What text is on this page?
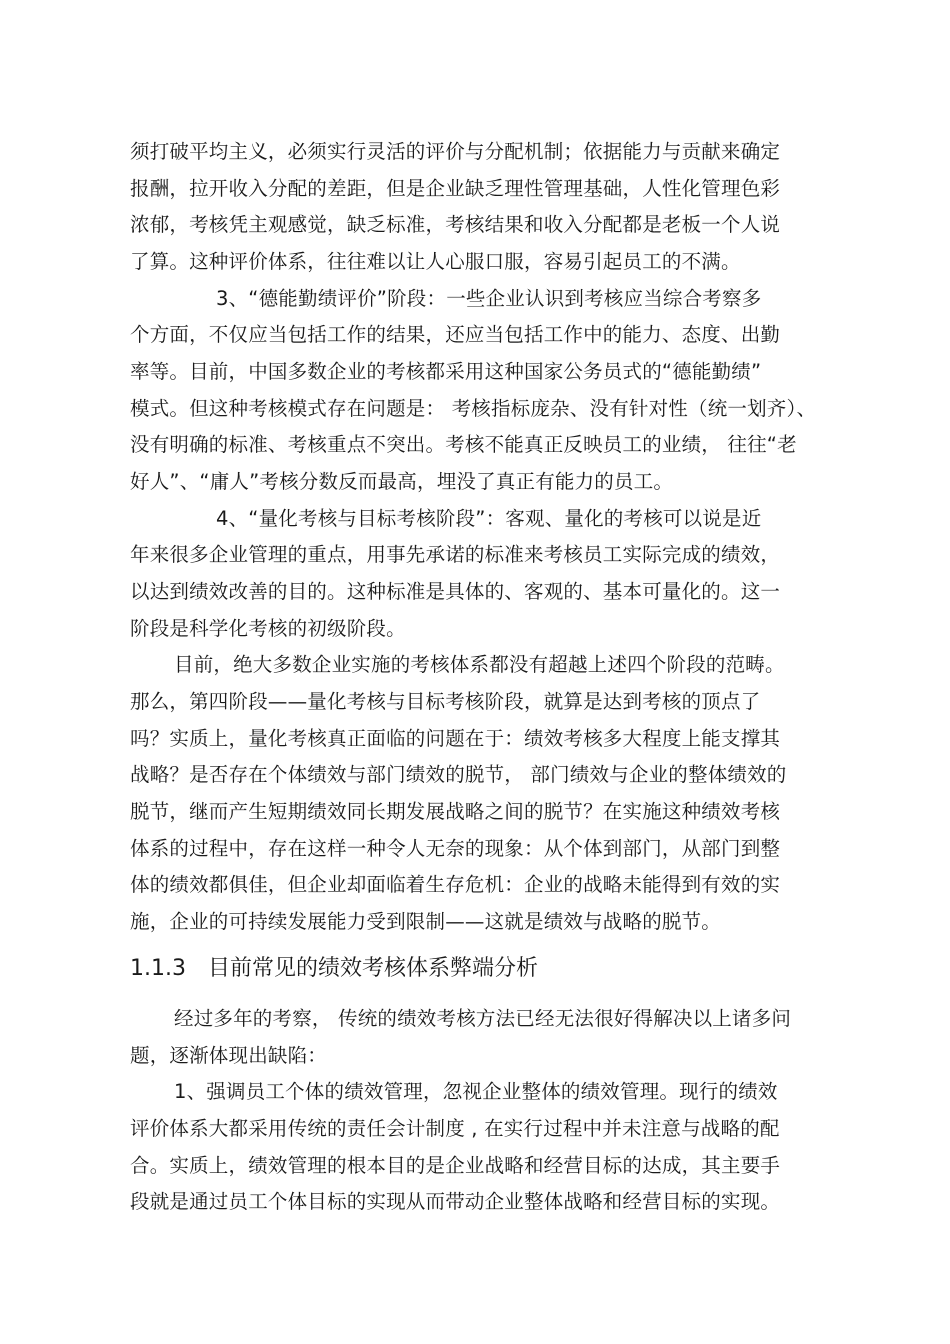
须打破平均主义，必须实行灵活的评价与分配机制；依据能力与贡献来确定
报酬，拉开收入分配的差距，但是企业缺乏理性管理基础，人性化管理色彩
浓郁，考核凭主观感觉，缺乏标准，考核结果和收入分配都是老板一个人说
了算。这种评价体系，往往难以让人心服口服，容易引起员工的不满。
3、“德能勤绩评价”阶段：一些企业认识到考核应当综合考察多
个方面，不仅应当包括工作的结果，还应当包括工作中的能力、态度、出勤
率等。目前，中国多数企业的考核都采用这种国家公务员式的“德能勤绩”
模式。但这种考核模式存在问题是： 考核指标庞杂、没有针对性（统一划齐）、
没有明确的标准、考核重点不突出。考核不能真正反映员工的业绩， 往往“老
好人”、“庸人”考核分数反而最高，埋没了真正有能力的员工。
4、“量化考核与目标考核阶段”：客观、量化的考核可以说是近
年来很多企业管理的重点，用事先承诺的标准来考核员工实际完成的绩效，
以达到绩效改善的目的。这种标准是具体的、客观的、基本可量化的。这一
阶段是科学化考核的初级阶段。
目前，绝大多数企业实施的考核体系都没有超越上述四个阶段的范畴。
那么，第四阶段——量化考核与目标考核阶段，就算是达到考核的顶点了
吗？实质上，量化考核真正面临的问题在于：绩效考核多大程度上能支撑其
战略？是否存在个体绩效与部门绩效的脱节， 部门绩效与企业的整体绩效的
脱节，继而产生短期绩效同长期发展战略之间的脱节？在实施这种绩效考核
体系的过程中，存在这样一种令人无奈的现象：从个体到部门，从部门到整
体的绩效都俱佳，但企业却面临着生存危机：企业的战略未能得到有效的实
施，企业的可持续发展能力受到限制——这就是绩效与战略的脱节。
1.1.3 目前常见的绩效考核体系弊端分析
经过多年的考察， 传统的绩效考核方法已经无法很好得解决以上诸多问
题，逐渐体现出缺陷：
1、强调员工个体的绩效管理，忽视企业整体的绩效管理。现行的绩效
评价体系大都采用传统的责任会计制度 , 在实行过程中并未注意与战略的配
合。实质上，绩效管理的根本目的是企业战略和经营目标的达成，其主要手
段就是通过员工个体目标的实现从而带动企业整体战略和经营目标的实现。
